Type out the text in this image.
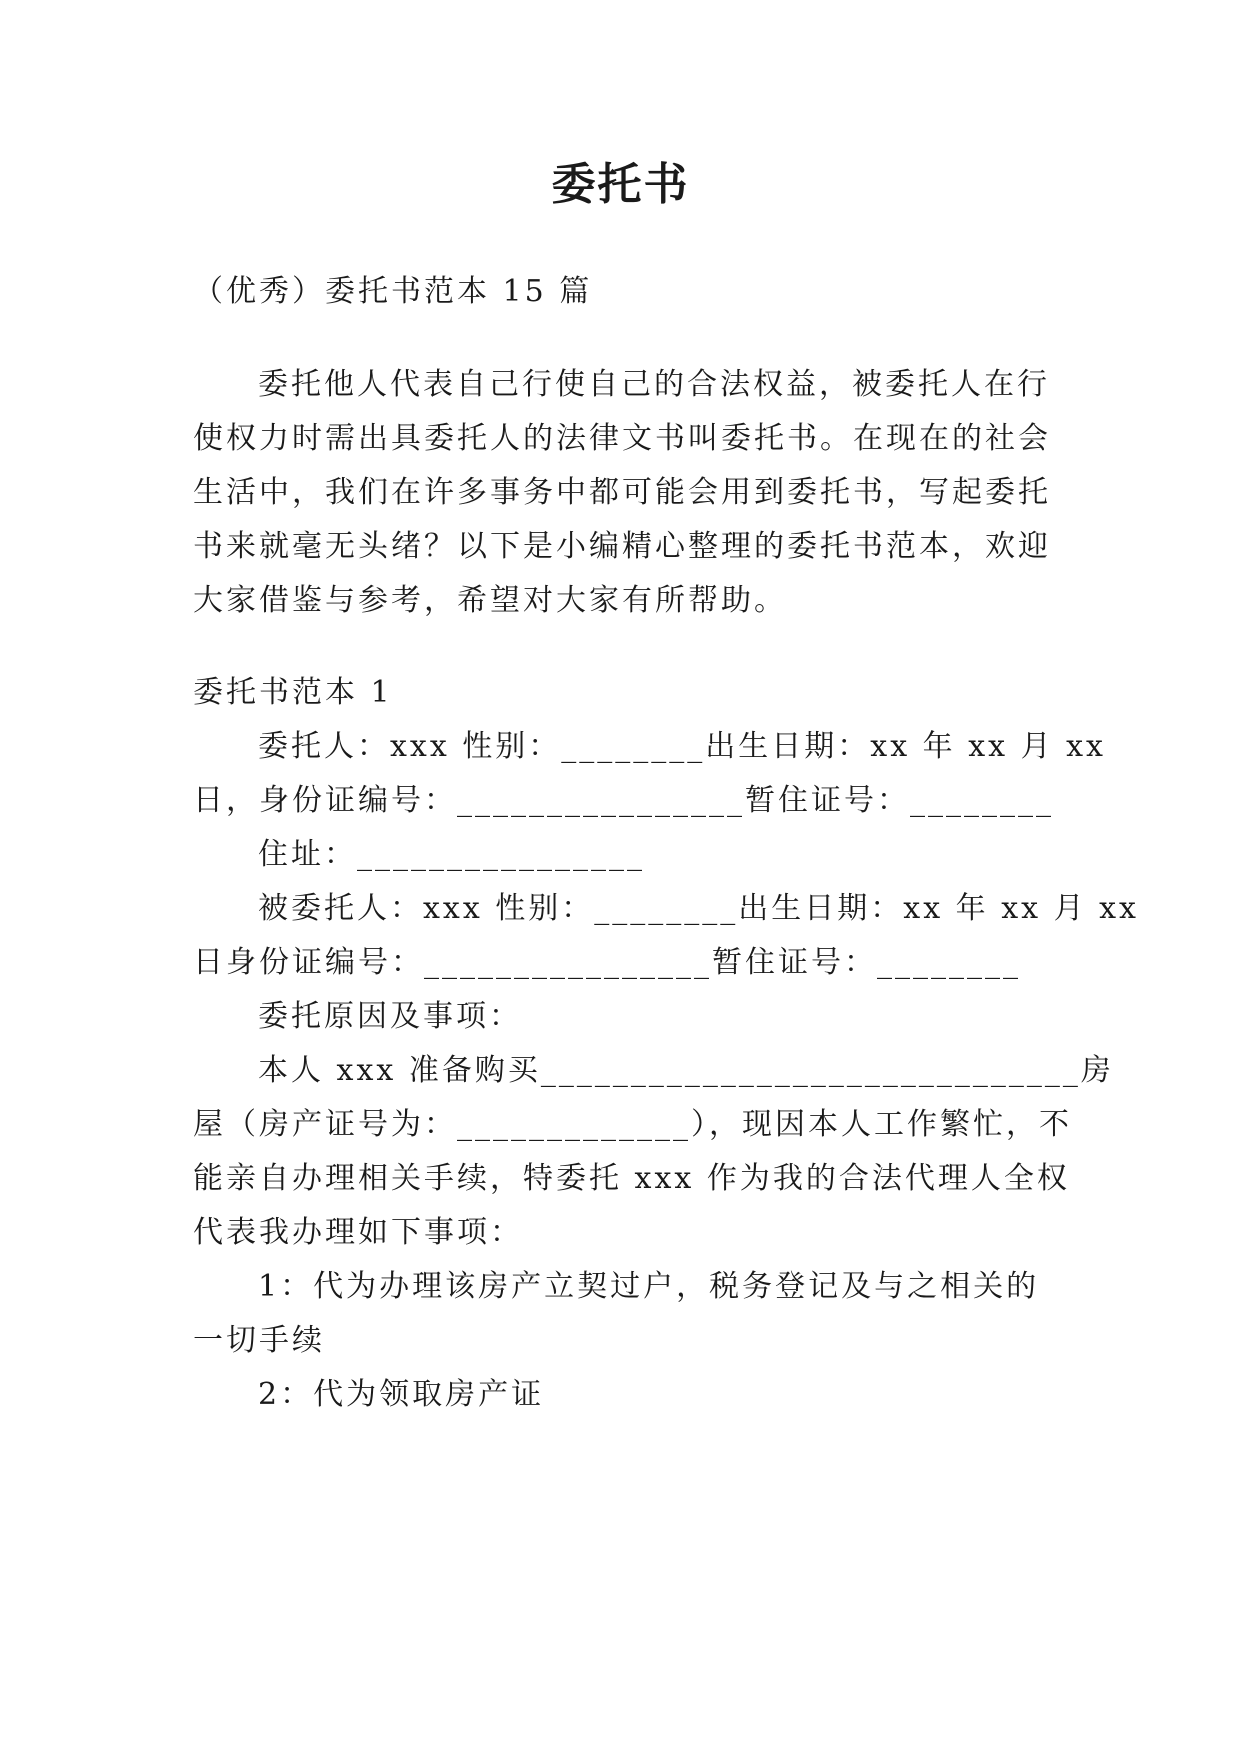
委托书
（优秀）委托书范本 15 篇
委托他人代表自己行使自己的合法权益，被委托人在行
使权力时需出具委托人的法律文书叫委托书。在现在的社会
生活中，我们在许多事务中都可能会用到委托书，写起委托
书来就毫无头绪？以下是小编精心整理的委托书范本，欢迎
大家借鉴与参考，希望对大家有所帮助。
委托书范本 1
委托人：xxx 性别：________出生日期：xx 年 xx 月 xx
日，身份证编号：________________暂住证号：________
住址：________________
被委托人：xxx 性别：________出生日期：xx 年 xx 月 xx
日身份证编号：________________暂住证号：________
委托原因及事项：
本人 xxx 准备购买______________________________房
屋（房产证号为：_____________），现因本人工作繁忙，不
能亲自办理相关手续，特委托 xxx 作为我的合法代理人全权
代表我办理如下事项：
1：代为办理该房产立契过户，税务登记及与之相关的
一切手续
2：代为领取房产证
